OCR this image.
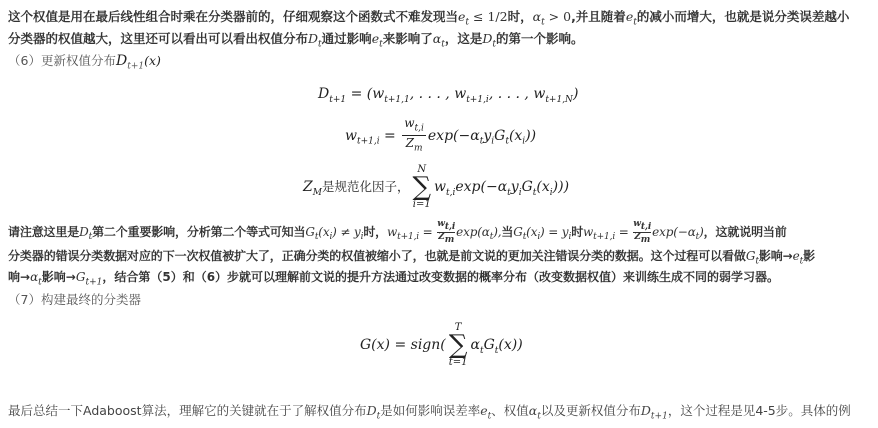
这个权值是用在最后线性组合时乘在分类器前的，仔细观察这个函数式不难发现当$e_t \le 1/2$时，$\alpha_t > 0$,并且随着$e_t$的减小而增大，也就是说分类误差越小
分类器的权值越大，这里还可以看出可以看出权值分布$D_t$通过影响$e_t$来影响了$\alpha_t$，这是$D_t$的第一个影响。
（6）更新权值分布$D_{t+1}(x)$
$D_{t+1} = (w_{t+1,1}$, . . . , $w_{t+1,i}$, . . . , $w_{t+1,N}$)
$w_{t+1,i} = \frac{w_{t,i}}{Z_m} \exp(-\alpha_ty_iG_t(x_i))$
$Z_M$是规范化因子，
N
∑
i=1
$w_{t,i}\exp(-\alpha_ty_iG_t(x_i))$)
请注意这里是$D_t$第二个重要影响，分析第二个等式可知当$G_t(x_i) \ne y_i$时，$w_{t+1,i} = \frac{w_{t,i}}{Z_m} \exp(\alpha_t)$,当$G_t(x_i) = y_i$时$w_{t+1,i} = \frac{w_{t,i}}{Z_m} \exp(-\alpha_t)$，这就说明当前
分类器的错误分类数据对应的下一次权值被扩大了，正确分类的权值被缩小了，也就是前文说的更加关注错误分类的数据。这个过程可以看做$G_t$影响$\to e_t$影
响$\to\alpha_t$影响$\to G_{t+1}$，结合第（5）和（6）步就可以理解前文说的提升方法通过改变数据的概率分布（改变数据权值）来训练生成不同的弱学习器。
（7）构建最终的分类器
G(x) = sign(
T
∑
t=1
$\alpha_tG_t(x)$)
最后总结一下Adaboost算法，理解它的关键就在于了解权值分布$D_t$是如何影响误差率$e_t$、权值$\alpha_t$以及更新权值分布$D_{t+1}$，这个过程是见4-5步。具体的例
